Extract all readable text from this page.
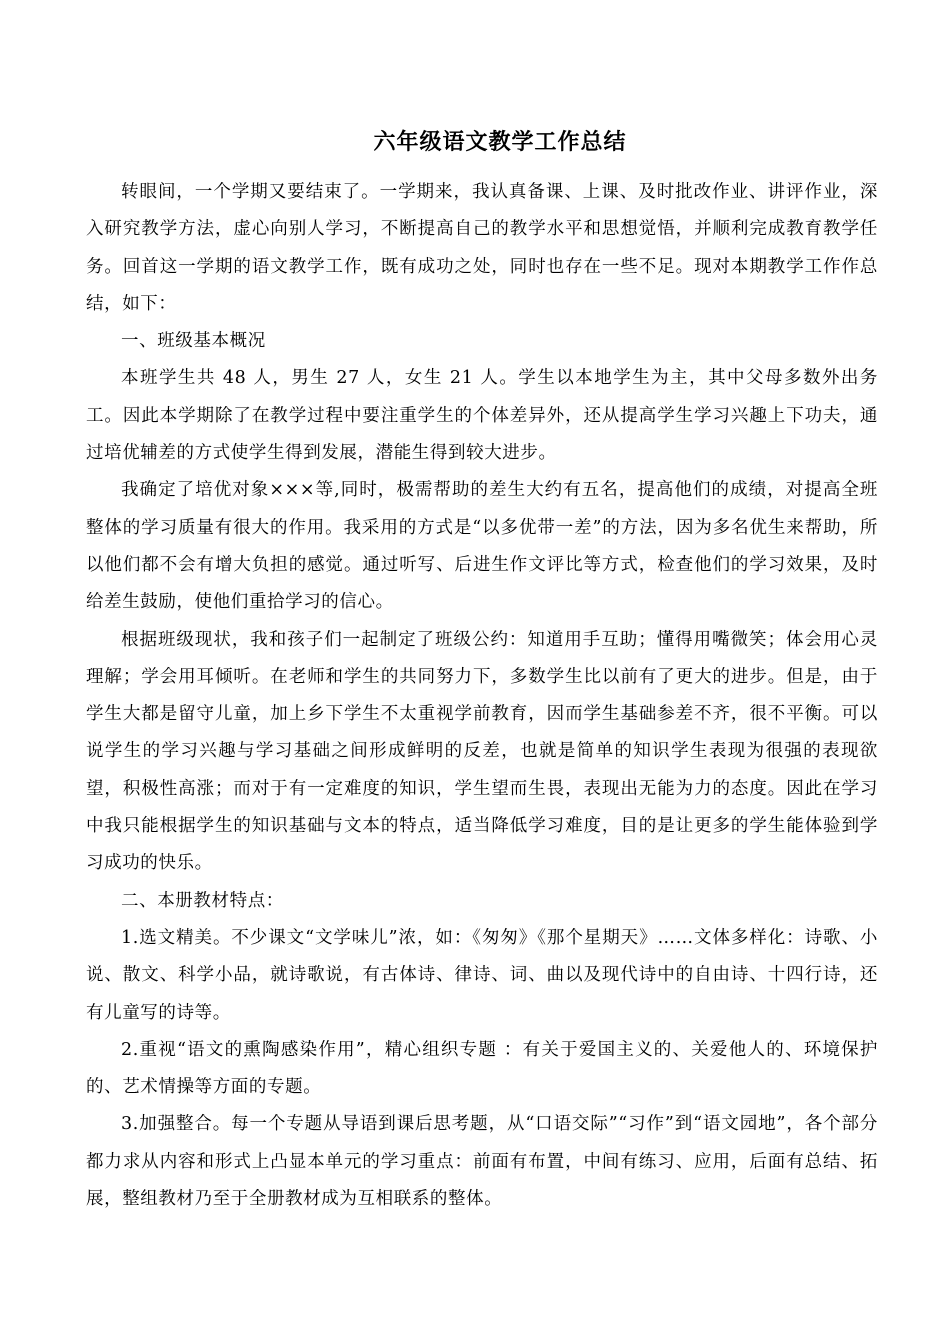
六年级语文教学工作总结

转眼间，一个学期又要结束了。一学期来，我认真备课、上课、及时批改作业、讲评作业，深入研究教学方法，虚心向别人学习，不断提高自己的教学水平和思想觉悟，并顺利完成教育教学任务。回首这一学期的语文教学工作，既有成功之处，同时也存在一些不足。现对本期教学工作作总结，如下：

一、班级基本概况

本班学生共 48 人，男生 27 人，女生 21 人。学生以本地学生为主，其中父母多数外出务工。因此本学期除了在教学过程中要注重学生的个体差异外，还从提高学生学习兴趣上下功夫，通过培优辅差的方式使学生得到发展，潜能生得到较大进步。

我确定了培优对象×××等,同时，极需帮助的差生大约有五名，提高他们的成绩，对提高全班整体的学习质量有很大的作用。我采用的方式是“以多优带一差”的方法，因为多名优生来帮助，所以他们都不会有增大负担的感觉。通过听写、后进生作文评比等方式，检查他们的学习效果，及时给差生鼓励，使他们重拾学习的信心。

根据班级现状，我和孩子们一起制定了班级公约：知道用手互助；懂得用嘴微笑；体会用心灵理解；学会用耳倾听。在老师和学生的共同努力下，多数学生比以前有了更大的进步。但是，由于学生大都是留守儿童，加上乡下学生不太重视学前教育，因而学生基础参差不齐，很不平衡。可以说学生的学习兴趣与学习基础之间形成鲜明的反差，也就是简单的知识学生表现为很强的表现欲望，积极性高涨；而对于有一定难度的知识，学生望而生畏，表现出无能为力的态度。因此在学习中我只能根据学生的知识基础与文本的特点，适当降低学习难度，目的是让更多的学生能体验到学习成功的快乐。

二、本册教材特点：

1.选文精美。不少课文“文学味儿”浓，如：《匆匆》《那个星期天》……文体多样化：诗歌、小说、散文、科学小品，就诗歌说，有古体诗、律诗、词、曲以及现代诗中的自由诗、十四行诗，还有儿童写的诗等。

2.重视“语文的熏陶感染作用”，精心组织专题 ：有关于爱国主义的、关爱他人的、环境保护的、艺术情操等方面的专题。

3.加强整合。每一个专题从导语到课后思考题，从“口语交际”“习作”到“语文园地”，各个部分都力求从内容和形式上凸显本单元的学习重点：前面有布置，中间有练习、应用，后面有总结、拓展，整组教材乃至于全册教材成为互相联系的整体。
